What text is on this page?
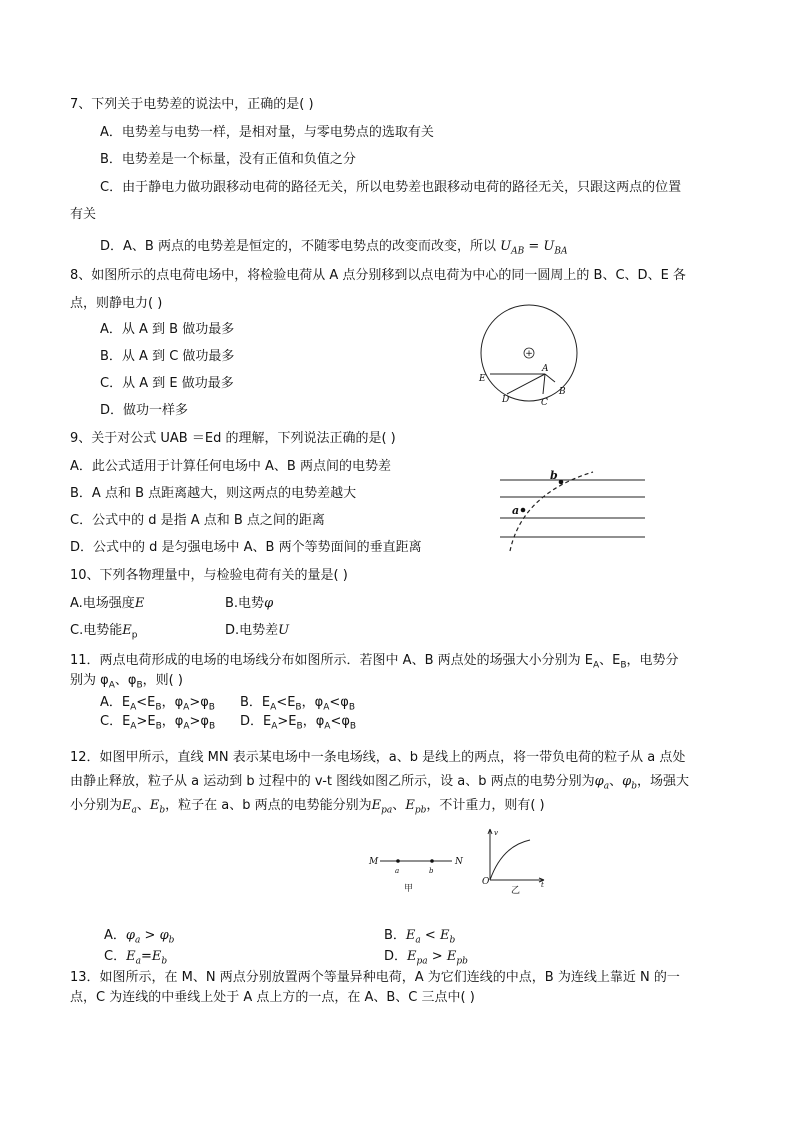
7、下列关于电势差的说法中，正确的是( )
A．电势差与电势一样，是相对量，与零电势点的选取有关
B．电势差是一个标量，没有正值和负值之分
C．由于静电力做功跟移动电荷的路径无关，所以电势差也跟移动电荷的路径无关，只跟这两点的位置
有关
D．A、B 两点的电势差是恒定的，不随零电势点的改变而改变，所以 $U_{AB} = U_{BA}$
8、如图所示的点电荷电场中，将检验电荷从 A 点分别移到以点电荷为中心的同一圆周上的 B、C、D、E 各
点，则静电力( )
A．从 A 到 B 做功最多
B．从 A 到 C 做功最多
C．从 A 到 E 做功最多
D．做功一样多
+
E
A
B
C
D
9、关于对公式 UAB ＝Ed 的理解，下列说法正确的是( )
A．此公式适用于计算任何电场中 A、B 两点间的电势差
B．A 点和 B 点距离越大，则这两点的电势差越大
C．公式中的 d 是指 A 点和 B 点之间的距离
D．公式中的 d 是匀强电场中 A、B 两个等势面间的垂直距离
a
b
10、下列各物理量中，与检验电荷有关的量是( )
A.电场强度E	B.电势φ
C.电势能$E_p$	D.电势差U
11．两点电荷形成的电场的电场线分布如图所示．若图中 A、B 两点处的场强大小分别为 $E_A$、$E_B$，电势分
别为 $\varphi_A$、$\varphi_B$，则( )
A．$E_A<E_B$，$\varphi_A>\varphi_B$ B．$E_A<E_B$，$\varphi_A<\varphi_B$
C．$E_A>E_B$，$\varphi_A>\varphi_B$ D．$E_A>E_B$，$\varphi_A<\varphi_B$
12．如图甲所示，直线 MN 表示某电场中一条电场线，a、b 是线上的两点，将一带负电荷的粒子从 a 点处
由静止释放，粒子从 a 运动到 b 过程中的 v-t 图线如图乙所示，设 a、b 两点的电势分别为$\varphi_a$、$\varphi_b$，场强大
小分别为$E_a$、$E_b$，粒子在 a、b 两点的电势能分别为$E_{pa}$、$E_{pb}$，不计重力，则有( )
M	N
a	b
甲
v
t
O
乙
A．$\varphi_a > \varphi_b$	B．$E_a < E_b$
C．$E_a=E_b$	D．$E_{pa} > E_{pb}$
13．如图所示，在 M、N 两点分别放置两个等量异种电荷，A 为它们连线的中点，B 为连线上靠近 N 的一
点，C 为连线的中垂线上处于 A 点上方的一点，在 A、B、C 三点中( )
